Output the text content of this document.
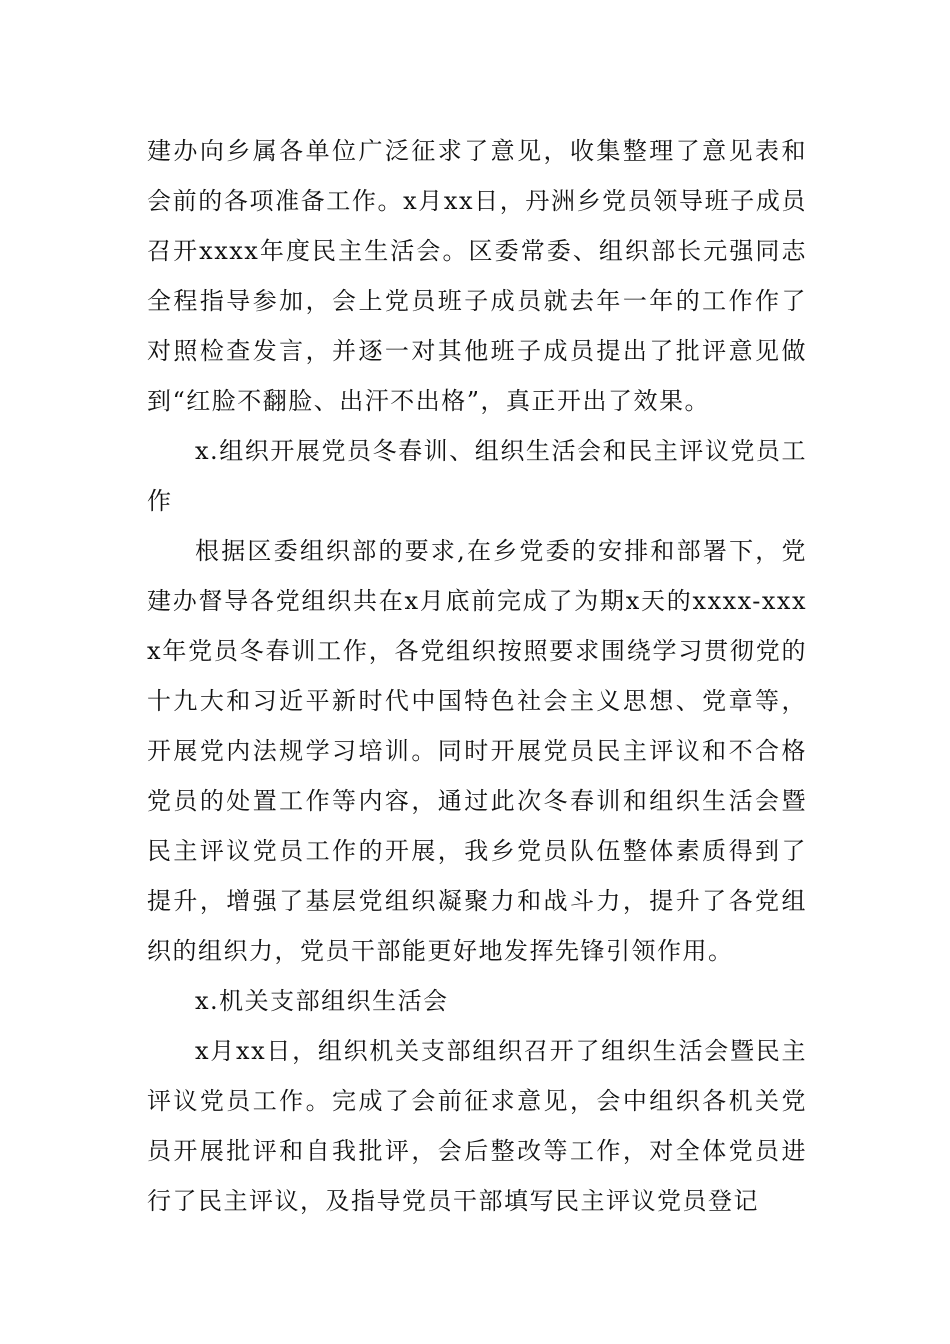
建办向乡属各单位广泛征求了意见，收集整理了意见表和会前的各项准备工作。x月xx日，丹洲乡党员领导班子成员召开xxxx年度民主生活会。区委常委、组织部长元强同志全程指导参加，会上党员班子成员就去年一年的工作作了对照检查发言，并逐一对其他班子成员提出了批评意见做到“红脸不翻脸、出汗不出格”，真正开出了效果。

x.组织开展党员冬春训、组织生活会和民主评议党员工作

根据区委组织部的要求,在乡党委的安排和部署下，党建办督导各党组织共在x月底前完成了为期x天的xxxx-xxxx年党员冬春训工作，各党组织按照要求围绕学习贯彻党的十九大和习近平新时代中国特色社会主义思想、党章等，开展党内法规学习培训。同时开展党员民主评议和不合格党员的处置工作等内容，通过此次冬春训和组织生活会暨民主评议党员工作的开展，我乡党员队伍整体素质得到了提升，增强了基层党组织凝聚力和战斗力，提升了各党组织的组织力，党员干部能更好地发挥先锋引领作用。

x.机关支部组织生活会

x月xx日，组织机关支部组织召开了组织生活会暨民主评议党员工作。完成了会前征求意见，会中组织各机关党员开展批评和自我批评，会后整改等工作，对全体党员进行了民主评议，及指导党员干部填写民主评议党员登记
